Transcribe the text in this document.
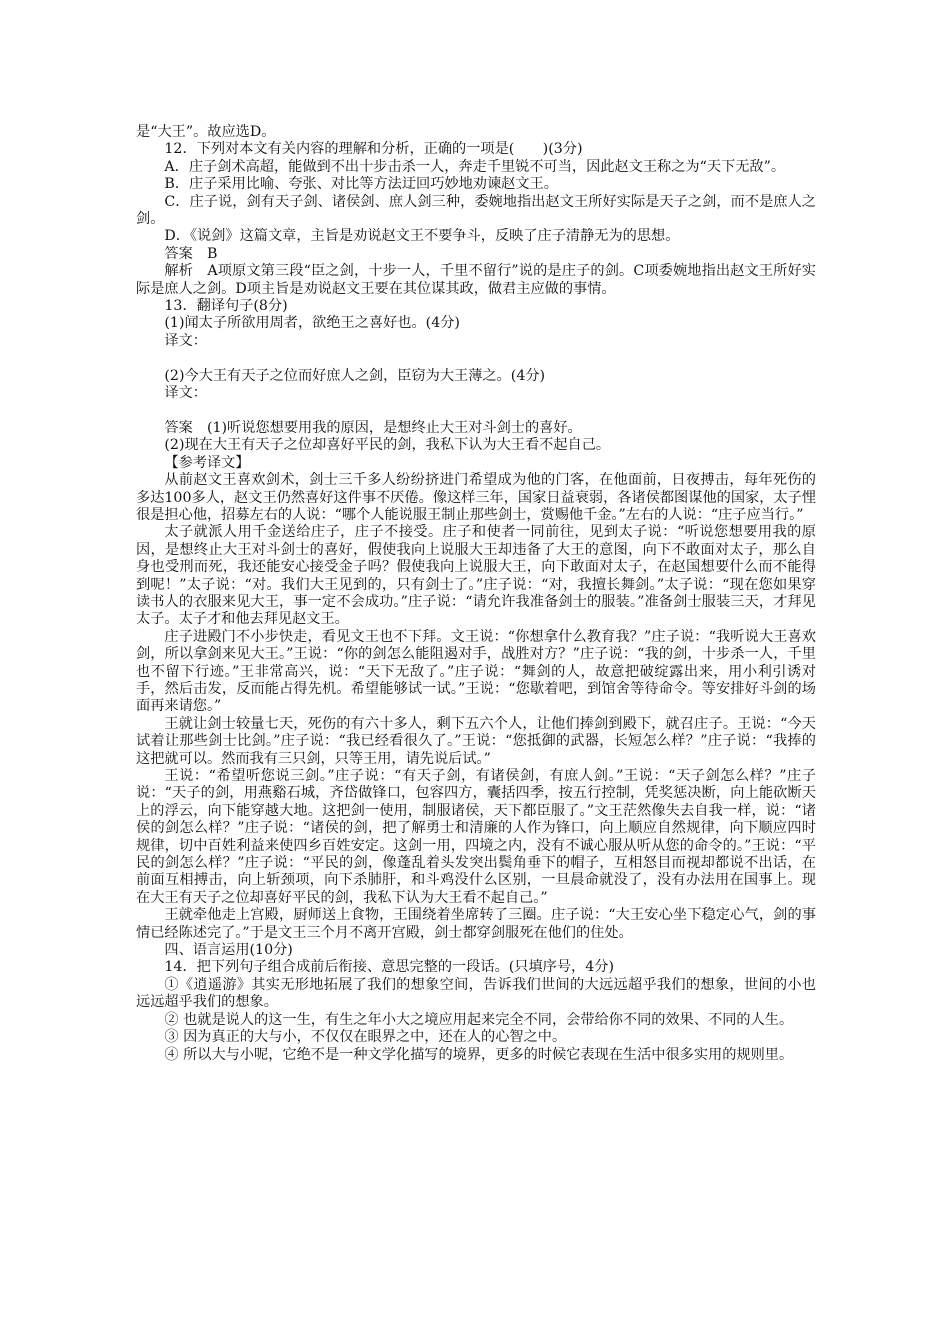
是“大王”。故应选D。

12．下列对本文有关内容的理解和分析，正确的一项是(　　)(3分)

A．庄子剑术高超，能做到不出十步击杀一人，奔走千里锐不可当，因此赵文王称之为“天下无敌”。

B．庄子采用比喻、夸张、对比等方法迂回巧妙地劝谏赵文王。

C．庄子说，剑有天子剑、诸侯剑、庶人剑三种，委婉地指出赵文王所好实际是天子之剑，而不是庶人之剑。

D．《说剑》这篇文章，主旨是劝说赵文王不要争斗，反映了庄子清静无为的思想。

答案　B

解析　A项原文第三段“臣之剑，十步一人，千里不留行”说的是庄子的剑。C项委婉地指出赵文王所好实际是庶人之剑。D项主旨是劝说赵文王要在其位谋其政，做君主应做的事情。

13．翻译句子(8分)

(1)闻太子所欲用周者，欲绝王之喜好也。(4分)

译文：

(2)今大王有天子之位而好庶人之剑，臣窃为大王薄之。(4分)

译文：

答案　(1)听说您想要用我的原因，是想终止大王对斗剑士的喜好。

(2)现在大王有天子之位却喜好平民的剑，我私下认为大王看不起自己。

【参考译文】

从前赵文王喜欢剑术，剑士三千多人纷纷挤进门希望成为他的门客，在他面前，日夜搏击，每年死伤的多达100多人，赵文王仍然喜好这件事不厌倦。像这样三年，国家日益衰弱，各诸侯都图谋他的国家，太子悝很是担心他，招募左右的人说：“哪个人能说服王制止那些剑士，赏赐他千金。”左右的人说：“庄子应当行。”

太子就派人用千金送给庄子，庄子不接受。庄子和使者一同前往，见到太子说：“听说您想要用我的原因，是想终止大王对斗剑士的喜好，假使我向上说服大王却违备了大王的意图，向下不敢面对太子，那么自身也受刑而死，我还能安心接受金子吗？假使我向上说服大王，向下敢面对太子，在赵国想要什么而不能得到呢！”太子说：“对。我们大王见到的，只有剑士了。”庄子说：“对，我擅长舞剑。”太子说：“现在您如果穿读书人的衣服来见大王，事一定不会成功。”庄子说：“请允许我准备剑士的服装。”准备剑士服装三天，才拜见太子。太子才和他去拜见赵文王。

庄子进殿门不小步快走，看见文王也不下拜。文王说：“你想拿什么教育我？”庄子说：“我听说大王喜欢剑，所以拿剑来见大王。”王说：“你的剑怎么能阻遏对手，战胜对方？”庄子说：“我的剑，十步杀一人，千里也不留下行迹。”王非常高兴，说：“天下无敌了。”庄子说：“舞剑的人，故意把破绽露出来，用小利引诱对手，然后击发，反而能占得先机。希望能够试一试。”王说：“您歇着吧，到馆舍等待命令。等安排好斗剑的场面再来请您。”

王就让剑士较量七天，死伤的有六十多人，剩下五六个人，让他们捧剑到殿下，就召庄子。王说：“今天试着让那些剑士比剑。”庄子说：“我已经看很久了。”王说：“您抵御的武器，长短怎么样？”庄子说：“我捧的这把就可以。然而我有三只剑，只等王用，请先说后试。”

王说：“希望听您说三剑。”庄子说：“有天子剑，有诸侯剑，有庶人剑。”王说：“天子剑怎么样？”庄子说：“天子的剑，用燕谿石城，齐岱做锋口，包容四方，囊括四季，按五行控制，凭奖惩决断，向上能砍断天上的浮云，向下能穿越大地。这把剑一使用，制服诸侯，天下都臣服了。”文王茫然像失去自我一样，说：“诸侯的剑怎么样？”庄子说：“诸侯的剑，把了解勇士和清廉的人作为锋口，向上顺应自然规律，向下顺应四时规律，切中百姓利益来使四乡百姓安定。这剑一用，四境之内，没有不诚心服从听从您的命令的。”王说：“平民的剑怎么样？”庄子说：“平民的剑，像蓬乱着头发突出鬓角垂下的帽子，互相怒目而视却都说不出话，在前面互相搏击，向上斩颈项，向下杀肺肝，和斗鸡没什么区别，一旦晨命就没了，没有办法用在国事上。现在大王有天子之位却喜好平民的剑，我私下认为大王看不起自己。”

王就牵他走上宫殿，厨师送上食物，王围绕着坐席转了三圈。庄子说：“大王安心坐下稳定心气，剑的事情已经陈述完了。”于是文王三个月不离开宫殿，剑士都穿剑服死在他们的住处。

四、语言运用(10分)

14．把下列句子组合成前后衔接、意思完整的一段话。(只填序号，4分)

①《逍遥游》其实无形地拓展了我们的想象空间，告诉我们世间的大远远超乎我们的想象，世间的小也远远超乎我们的想象。

② 也就是说人的这一生，有生之年小大之境应用起来完全不同，会带给你不同的效果、不同的人生。

③ 因为真正的大与小，不仅仅在眼界之中，还在人的心智之中。

④ 所以大与小呢，它绝不是一种文学化描写的境界，更多的时候它表现在生活中很多实用的规则里。
